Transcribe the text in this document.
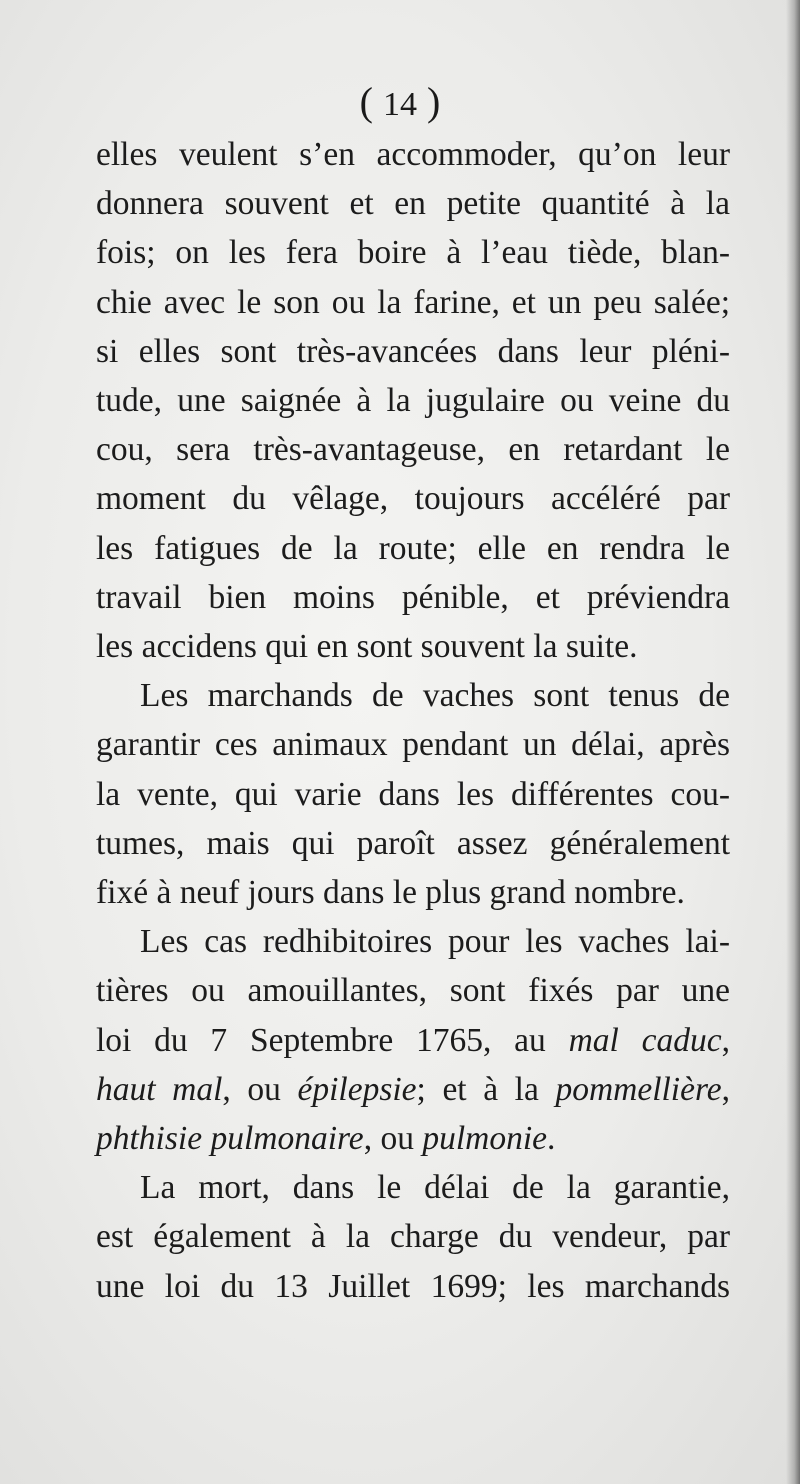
( 14 )
elles veulent s’en accommoder, qu’on leur
donnera souvent et en petite quantité à la
fois; on les fera boire à l’eau tiède, blan-
chie avec le son ou la farine, et un peu salée;
si elles sont très-avancées dans leur pléni-
tude, une saignée à la jugulaire ou veine du
cou, sera très-avantageuse, en retardant le
moment du vêlage, toujours accéléré par
les fatigues de la route; elle en rendra le
travail bien moins pénible, et préviendra
les accidens qui en sont souvent la suite.
Les marchands de vaches sont tenus de
garantir ces animaux pendant un délai, après
la vente, qui varie dans les différentes cou-
tumes, mais qui paroît assez généralement
fixé à neuf jours dans le plus grand nombre.
Les cas redhibitoires pour les vaches lai-
tières ou amouillantes, sont fixés par une
loi du 7 Septembre 1765, au mal caduc,
haut mal, ou épilepsie; et à la pommellière,
phthisie pulmonaire, ou pulmonie.
La mort, dans le délai de la garantie,
est également à la charge du vendeur, par
une loi du 13 Juillet 1699; les marchands
